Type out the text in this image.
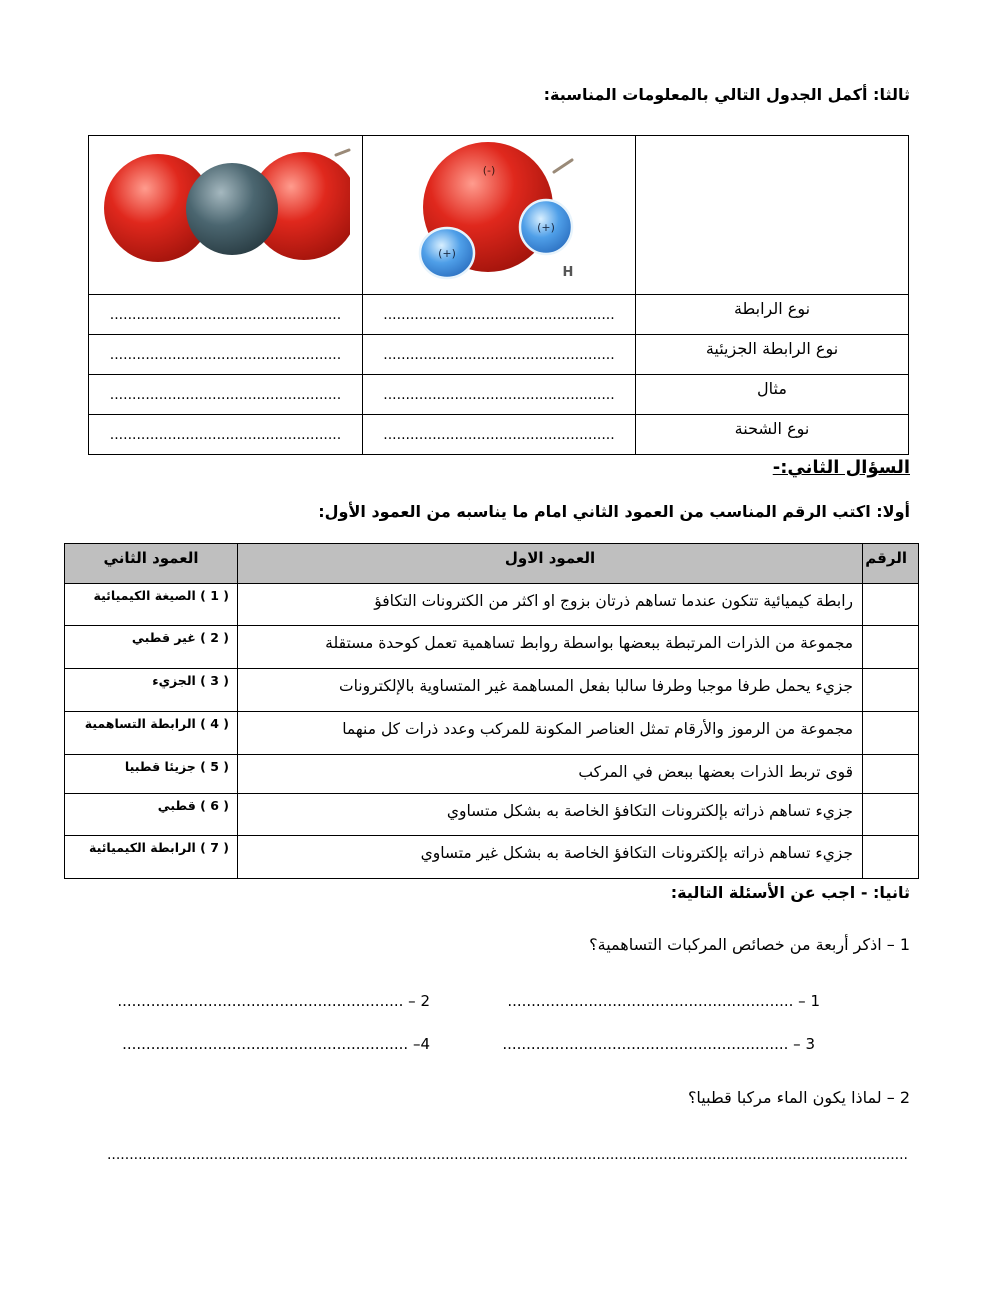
ثالثا: أكمل الجدول التالي بالمعلومات المناسبة:

(-)
(+)
(+)
H

نوع الرابطة	....................................................	....................................................
نوع الرابطة الجزيئية	....................................................	....................................................
مثال	....................................................	....................................................
نوع الشحنة	....................................................	....................................................
السؤال الثاني:-
أولا: اكتب الرقم المناسب من العمود الثاني امام ما يناسبه من العمود الأول:
الرقم	العمود الاول	العمود الثاني
	رابطة كيميائية تتكون عندما تساهم ذرتان بزوج او اكثر من الكترونات التكافؤ	( 1 ) الصيغة الكيميائية
	مجموعة من الذرات المرتبطة ببعضها بواسطة روابط تساهمية تعمل كوحدة مستقلة	( 2 ) غير قطبي
	جزيء يحمل طرفا موجبا وطرفا سالبا بفعل المساهمة غير المتساوية بالإلكترونات	( 3 ) الجزيء
	مجموعة من الرموز والأرقام تمثل العناصر المكونة للمركب وعدد ذرات كل منهما	( 4 ) الرابطة التساهمية
	قوى تربط الذرات بعضها ببعض في المركب	( 5 ) جزيئا قطبيا
	جزيء تساهم ذراته بإلكترونات التكافؤ الخاصة به بشكل متساوي	( 6 ) قطبي
	جزيء تساهم ذراته بإلكترونات التكافؤ الخاصة به بشكل غير متساوي	( 7 ) الرابطة الكيميائية
ثانيا: - اجب عن الأسئلة التالية:
1 – اذكر أربعة من خصائص المركبات التساهمية؟
1 – ............................................................
2 – ............................................................
3 – ............................................................
4– ............................................................
2 – لماذا يكون الماء مركبا قطبيا؟
....................................................................................................................................................................................
